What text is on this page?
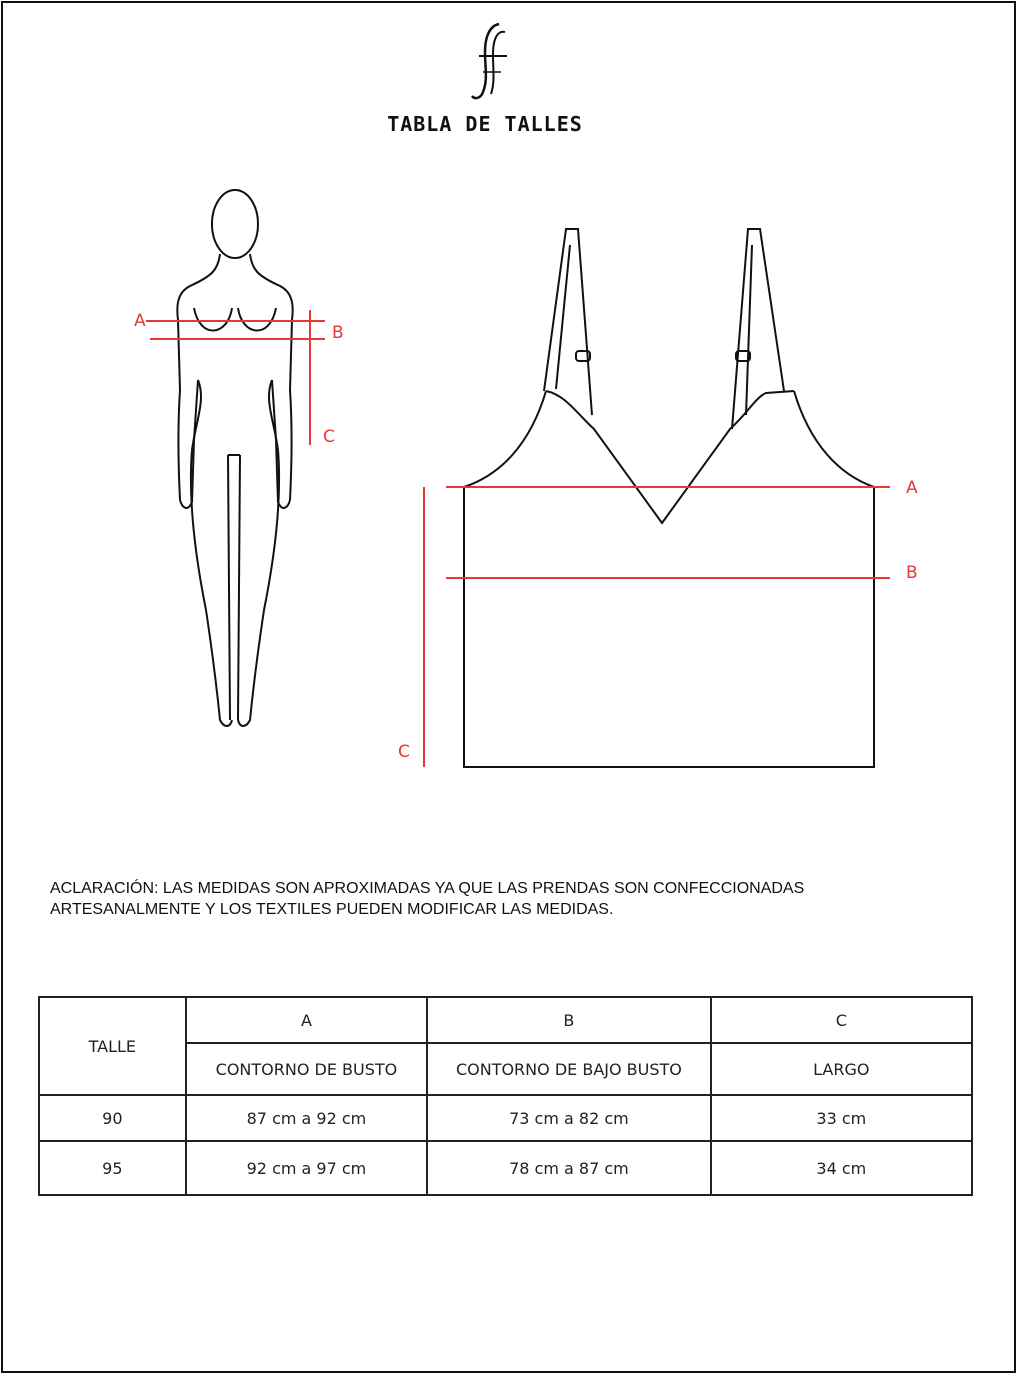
TABLA DE TALLES
A
B
C
A
B
C
ACLARACIÓN: LAS MEDIDAS SON APROXIMADAS YA QUE LAS PRENDAS SON CONFECCIONADAS
ARTESANALMENTE Y LOS TEXTILES PUEDEN MODIFICAR LAS MEDIDAS.
TALLE	A	B	C
	CONTORNO DE BUSTO	CONTORNO DE BAJO BUSTO	LARGO
90	87 cm a 92 cm	73 cm a 82 cm	33 cm
95	92 cm a 97 cm	78 cm a 87 cm	34 cm
